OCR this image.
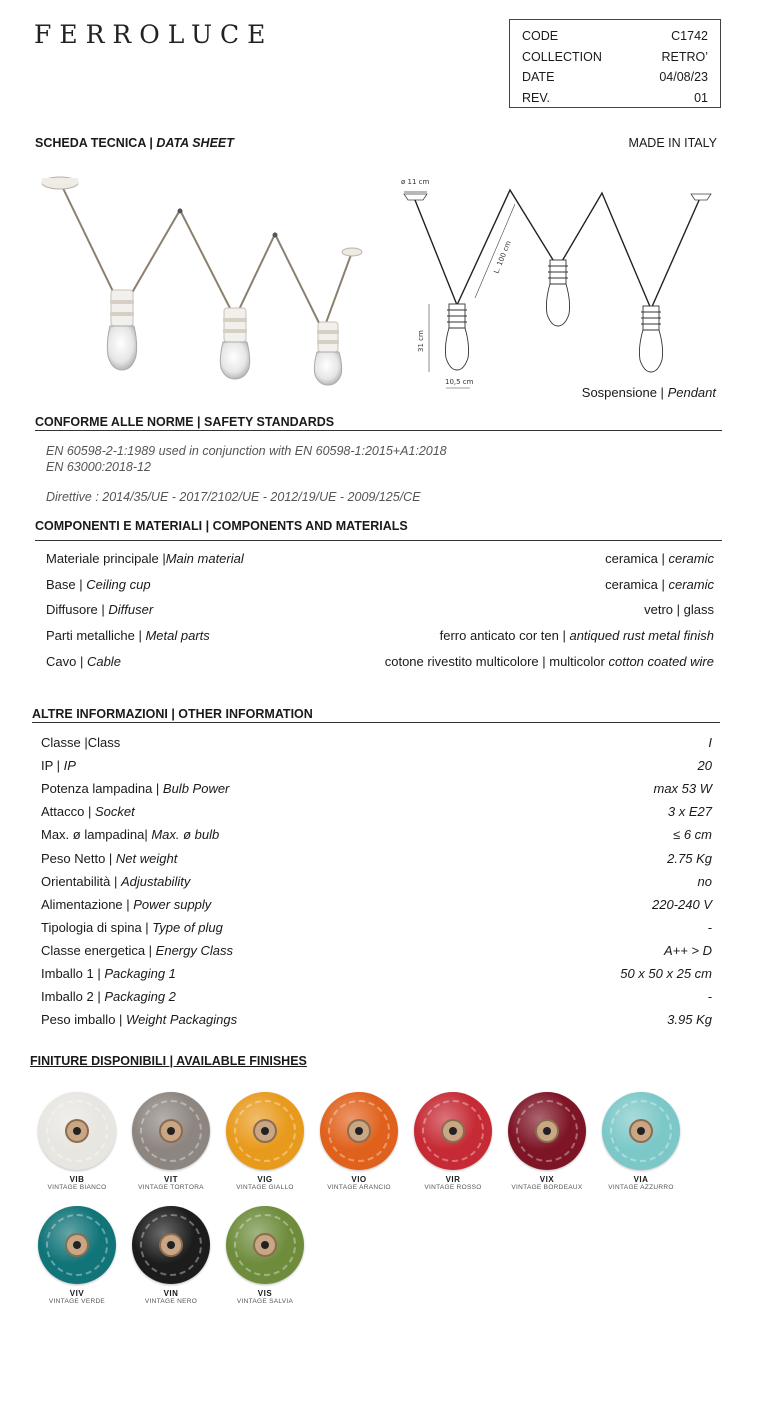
FERROLUCE	CODE	C1742
COLLECTION	RETRO’
DATE	04/08/23
REV.	01
SCHEDA TECNICA | DATA SHEET	MADE IN ITALY
ø 11 cm
L. 100 cm
31 cm
10,5 cm
Sospensione | Pendant
CONFORME ALLE NORME | SAFETY STANDARDS
EN 60598-2-1:1989 used in conjunction with EN 60598-1:2015+A1:2018
EN 63000:2018-12
Direttive : 2014/35/UE - 2017/2102/UE - 2012/19/UE - 2009/125/CE
COMPONENTI E MATERIALI | COMPONENTS AND MATERIALS
Materiale principale |Main material	ceramica | ceramic
Base | Ceiling cup	ceramica | ceramic
Diffusore | Diffuser	vetro | glass
Parti metalliche | Metal parts	ferro anticato cor ten | antiqued rust metal finish
Cavo | Cable	cotone rivestito multicolore | multicolor cotton coated wire
ALTRE INFORMAZIONI | OTHER INFORMATION
Classe |Class	I
IP | IP	20
Potenza lampadina | Bulb Power	max 53 W
Attacco | Socket	3 x E27
Max. ø lampadina| Max. ø bulb	≤ 6 cm
Peso Netto | Net weight	2.75 Kg
Orientabilità | Adjustability	no
Alimentazione | Power supply	220-240 V
Tipologia di spina | Type of plug	-
Classe energetica | Energy Class	A++ > D
Imballo 1 | Packaging 1	50 x 50 x 25 cm
Imballo 2 | Packaging 2	-
Peso imballo | Weight Packagings	3.95 Kg
FINITURE DISPONIBILI | AVAILABLE FINISHES
VIB
VINTAGE BIANCO
VIT
VINTAGE TORTORA
VIG
VINTAGE GIALLO
VIO
VINTAGE ARANCIO
VIR
VINTAGE ROSSO
VIX
VINTAGE BORDEAUX
VIA
VINTAGE AZZURRO
VIV
VINTAGE VERDE
VIN
VINTAGE NERO
VIS
VINTAGE SALVIA
